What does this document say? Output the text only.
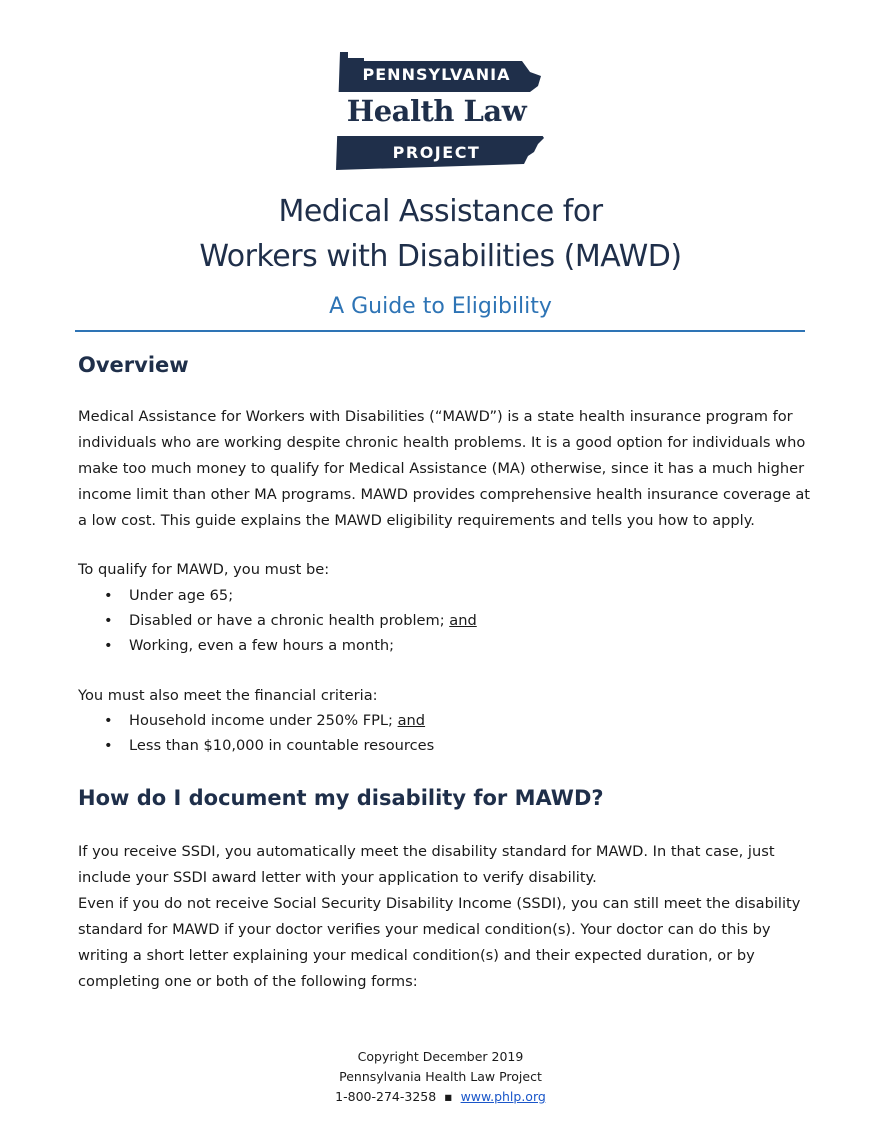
PENNSYLVANIA
Health Law
PROJECT
Medical Assistance for
Workers with Disabilities (MAWD)
A Guide to Eligibility
Overview
Medical Assistance for Workers with Disabilities (“MAWD”) is a state health insurance program for
individuals who are working despite chronic health problems. It is a good option for individuals who
make too much money to qualify for Medical Assistance (MA) otherwise, since it has a much higher
income limit than other MA programs. MAWD provides comprehensive health insurance coverage at
a low cost. This guide explains the MAWD eligibility requirements and tells you how to apply.
To qualify for MAWD, you must be:
• Under age 65;
• Disabled or have a chronic health problem; and
• Working, even a few hours a month;
You must also meet the financial criteria:
• Household income under 250% FPL; and
• Less than $10,000 in countable resources
How do I document my disability for MAWD?
If you receive SSDI, you automatically meet the disability standard for MAWD. In that case, just
include your SSDI award letter with your application to verify disability.
Even if you do not receive Social Security Disability Income (SSDI), you can still meet the disability
standard for MAWD if your doctor verifies your medical condition(s). Your doctor can do this by
writing a short letter explaining your medical condition(s) and their expected duration, or by
completing one or both of the following forms:
Copyright December 2019
Pennsylvania Health Law Project
1-800-274-3258 ▪ www.phlp.org
